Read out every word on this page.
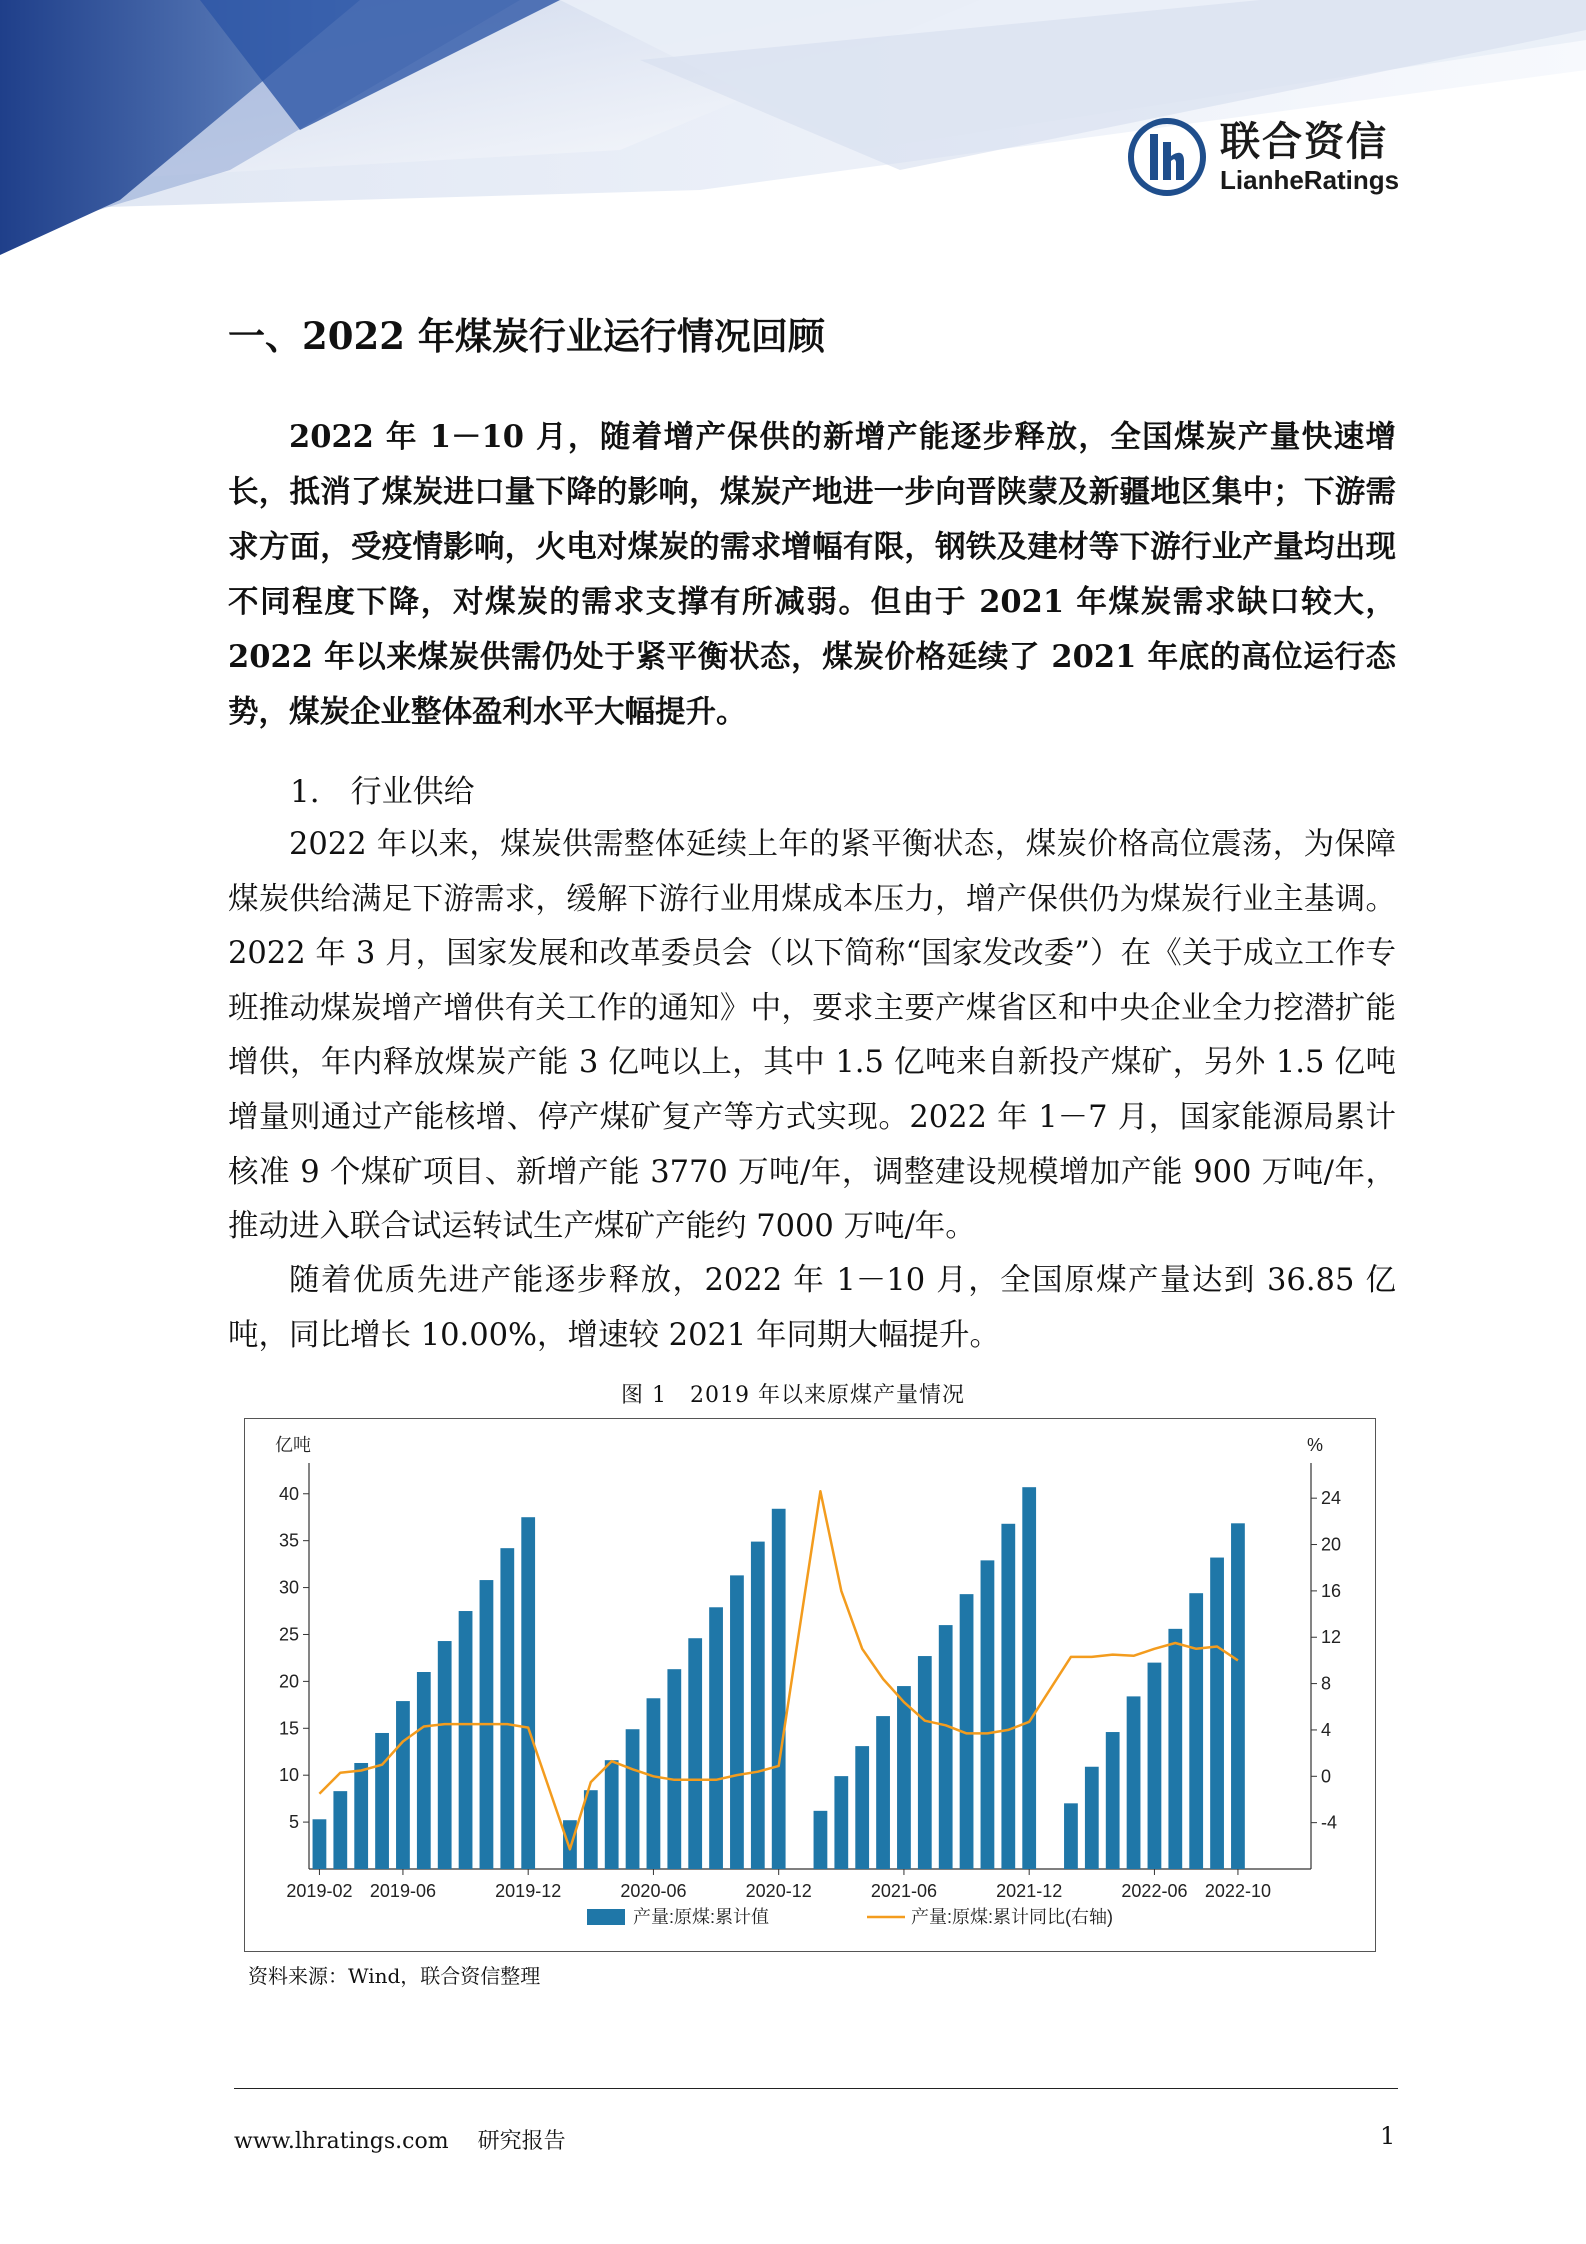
联合资信
LianheRatings
一、2022 年煤炭行业运行情况回顾

2022 年 1－10 月，随着增产保供的新增产能逐步释放，全国煤炭产量快速增长，抵消了煤炭进口量下降的影响，煤炭产地进一步向晋陕蒙及新疆地区集中；下游需求方面，受疫情影响，火电对煤炭的需求增幅有限，钢铁及建材等下游行业产量均出现不同程度下降，对煤炭的需求支撑有所减弱。但由于 2021 年煤炭需求缺口较大，2022 年以来煤炭供需仍处于紧平衡状态，煤炭价格延续了 2021 年底的高位运行态势，煤炭企业整体盈利水平大幅提升。

1.　行业供给

2022 年以来，煤炭供需整体延续上年的紧平衡状态，煤炭价格高位震荡，为保障煤炭供给满足下游需求，缓解下游行业用煤成本压力，增产保供仍为煤炭行业主基调。2022 年 3 月，国家发展和改革委员会（以下简称“国家发改委”）在《关于成立工作专班推动煤炭增产增供有关工作的通知》中，要求主要产煤省区和中央企业全力挖潜扩能增供，年内释放煤炭产能 3 亿吨以上，其中 1.5 亿吨来自新投产煤矿，另外 1.5 亿吨增量则通过产能核增、停产煤矿复产等方式实现。2022 年 1－7 月，国家能源局累计核准 9 个煤矿项目、新增产能 3770 万吨/年，调整建设规模增加产能 900 万吨/年，推动进入联合试运转试生产煤矿产能约 7000 万吨/年。

随着优质先进产能逐步释放，2022 年 1－10 月，全国原煤产量达到 36.85 亿吨，同比增长 10.00%，增速较 2021 年同期大幅提升。

图 1　2019 年以来原煤产量情况
亿吨	%
5
10
15
20
25
30
35
40
-4
0
4
8
12
16
20
24
2019-02 2019-06	2019-12	2020-06	2020-12	2021-06	2021-12	2022-06 2022-10
产量:原煤:累计值	产量:原煤:累计同比(右轴)
资料来源：Wind，联合资信整理
www.lhratings.com 研究报告	1
